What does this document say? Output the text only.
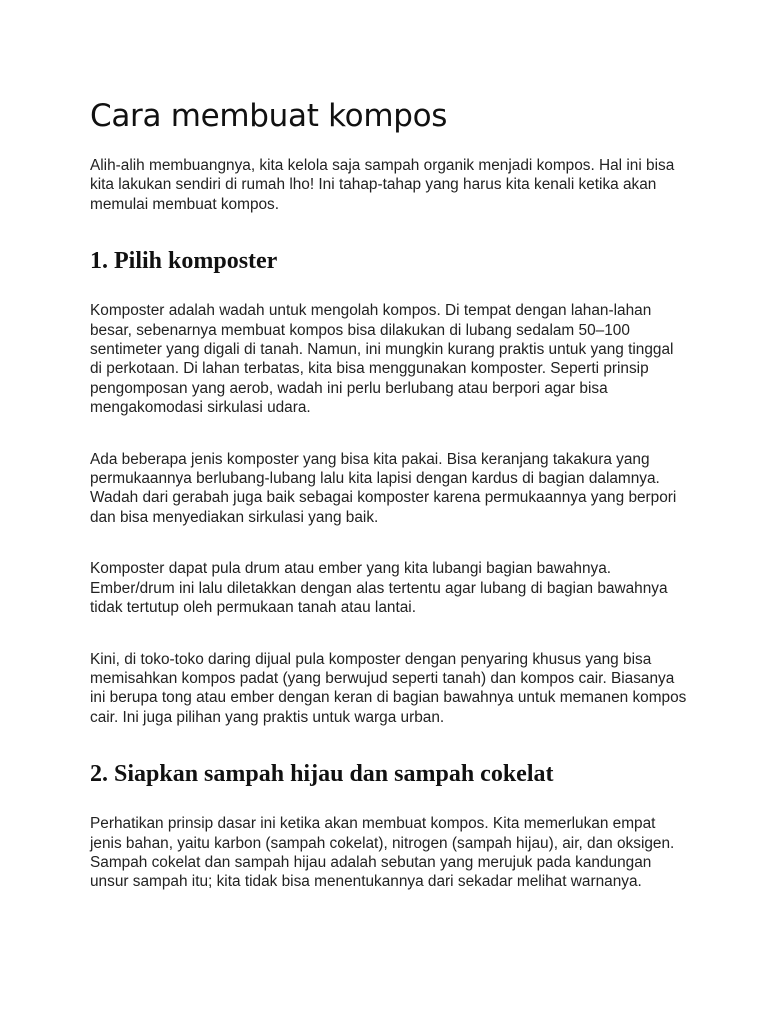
Cara membuat kompos

Alih-alih membuangnya, kita kelola saja sampah organik menjadi kompos. Hal ini bisa kita lakukan sendiri di rumah lho! Ini tahap-tahap yang harus kita kenali ketika akan memulai membuat kompos.

1. Pilih komposter

Komposter adalah wadah untuk mengolah kompos. Di tempat dengan lahan-lahan besar, sebenarnya membuat kompos bisa dilakukan di lubang sedalam 50–100 sentimeter yang digali di tanah. Namun, ini mungkin kurang praktis untuk yang tinggal di perkotaan. Di lahan terbatas, kita bisa menggunakan komposter. Seperti prinsip pengomposan yang aerob, wadah ini perlu berlubang atau berpori agar bisa mengakomodasi sirkulasi udara.

Ada beberapa jenis komposter yang bisa kita pakai. Bisa keranjang takakura yang permukaannya berlubang-lubang lalu kita lapisi dengan kardus di bagian dalamnya. Wadah dari gerabah juga baik sebagai komposter karena permukaannya yang berpori dan bisa menyediakan sirkulasi yang baik.

Komposter dapat pula drum atau ember yang kita lubangi bagian bawahnya. Ember/drum ini lalu diletakkan dengan alas tertentu agar lubang di bagian bawahnya tidak tertutup oleh permukaan tanah atau lantai.

Kini, di toko-toko daring dijual pula komposter dengan penyaring khusus yang bisa memisahkan kompos padat (yang berwujud seperti tanah) dan kompos cair. Biasanya ini berupa tong atau ember dengan keran di bagian bawahnya untuk memanen kompos cair. Ini juga pilihan yang praktis untuk warga urban.

2. Siapkan sampah hijau dan sampah cokelat

Perhatikan prinsip dasar ini ketika akan membuat kompos. Kita memerlukan empat jenis bahan, yaitu karbon (sampah cokelat), nitrogen (sampah hijau), air, dan oksigen. Sampah cokelat dan sampah hijau adalah sebutan yang merujuk pada kandungan unsur sampah itu; kita tidak bisa menentukannya dari sekadar melihat warnanya.
